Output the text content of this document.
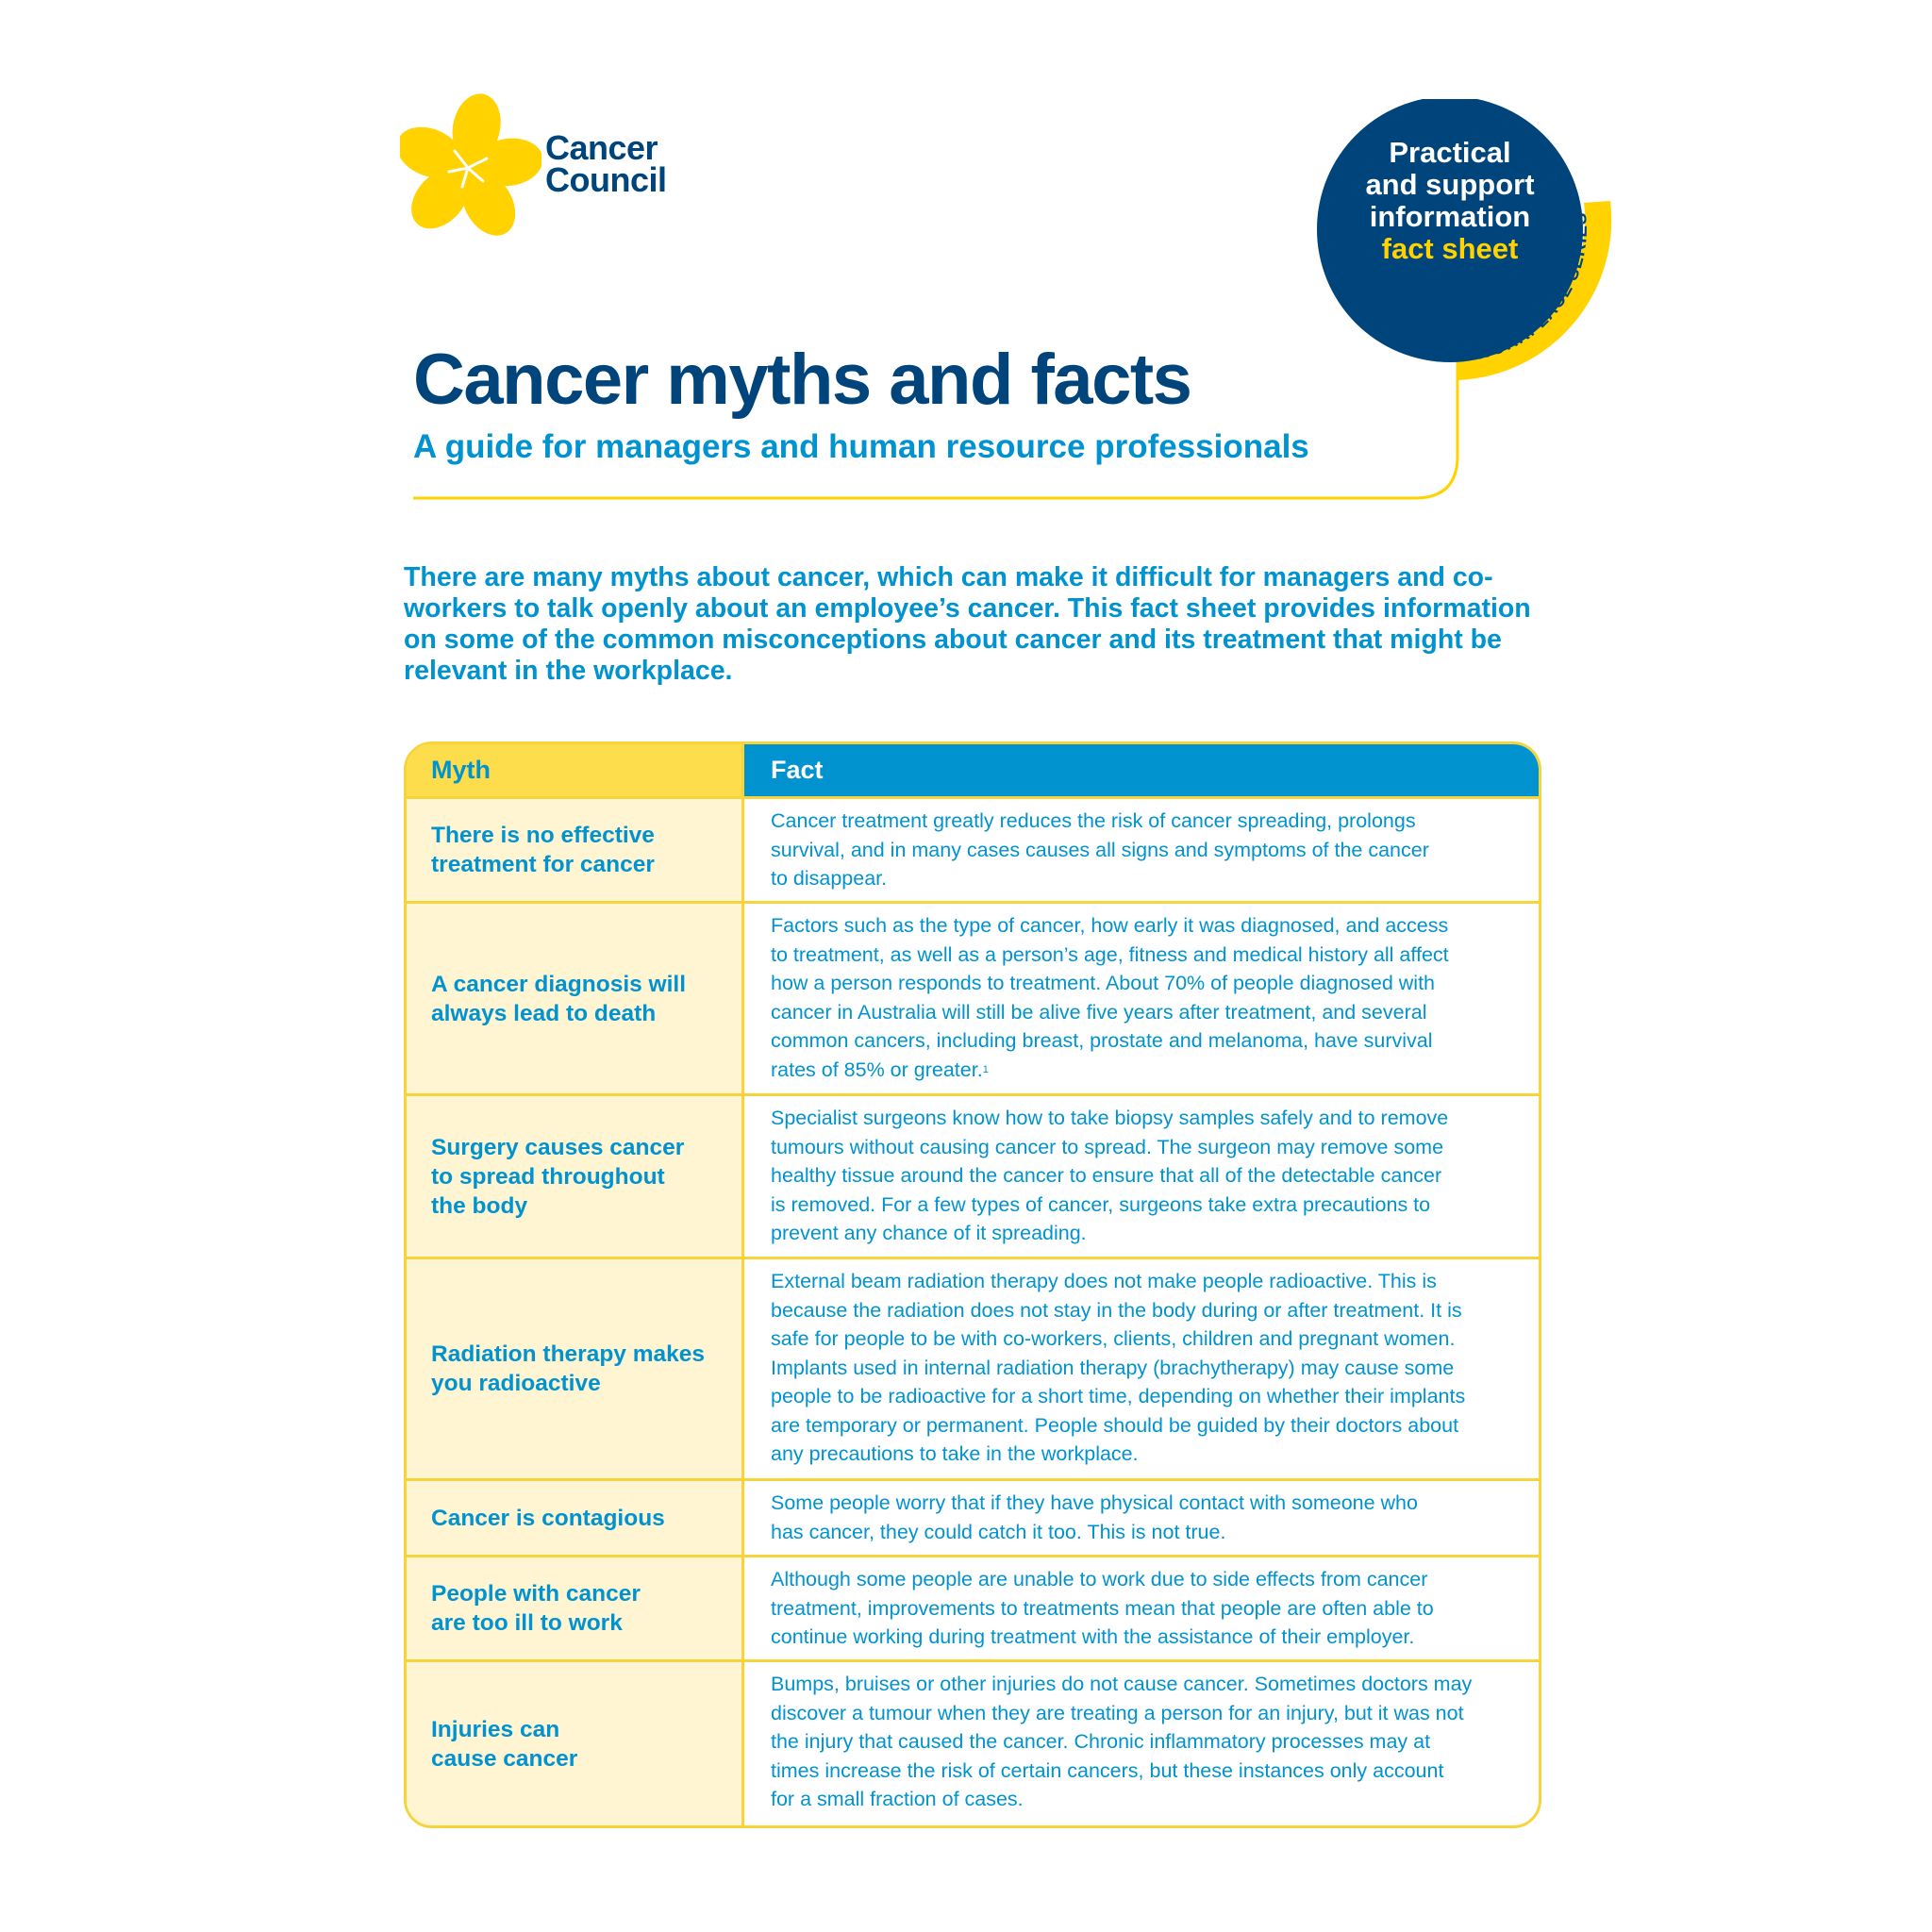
Cancer
Council
WORKPLACE SERIES
Practical
and support
information
fact sheet
Cancer myths and facts
A guide for managers and human resource professionals

There are many myths about cancer, which can make it difficult for managers and co-workers to talk openly about an employee’s cancer. This fact sheet provides information on some of the common misconceptions about cancer and its treatment that might be relevant in the workplace.

Myth	Fact
There is no effective
treatment for cancer
Cancer treatment greatly reduces the risk of cancer spreading, prolongs
survival, and in many cases causes all signs and symptoms of the cancer
to disappear.
A cancer diagnosis will
always lead to death
Factors such as the type of cancer, how early it was diagnosed, and access
to treatment, as well as a person’s age, fitness and medical history all affect
how a person responds to treatment. About 70% of people diagnosed with
cancer in Australia will still be alive five years after treatment, and several
common cancers, including breast, prostate and melanoma, have survival
rates of 85% or greater.$^1$
Surgery causes cancer
to spread throughout
the body
Specialist surgeons know how to take biopsy samples safely and to remove
tumours without causing cancer to spread. The surgeon may remove some
healthy tissue around the cancer to ensure that all of the detectable cancer
is removed. For a few types of cancer, surgeons take extra precautions to
prevent any chance of it spreading.
Radiation therapy makes
you radioactive
External beam radiation therapy does not make people radioactive. This is
because the radiation does not stay in the body during or after treatment. It is
safe for people to be with co-workers, clients, children and pregnant women.
Implants used in internal radiation therapy (brachytherapy) may cause some
people to be radioactive for a short time, depending on whether their implants
are temporary or permanent. People should be guided by their doctors about
any precautions to take in the workplace.
Cancer is contagious
Some people worry that if they have physical contact with someone who
has cancer, they could catch it too. This is not true.
People with cancer
are too ill to work
Although some people are unable to work due to side effects from cancer
treatment, improvements to treatments mean that people are often able to
continue working during treatment with the assistance of their employer.
Injuries can
cause cancer
Bumps, bruises or other injuries do not cause cancer. Sometimes doctors may
discover a tumour when they are treating a person for an injury, but it was not
the injury that caused the cancer. Chronic inflammatory processes may at
times increase the risk of certain cancers, but these instances only account
for a small fraction of cases.
